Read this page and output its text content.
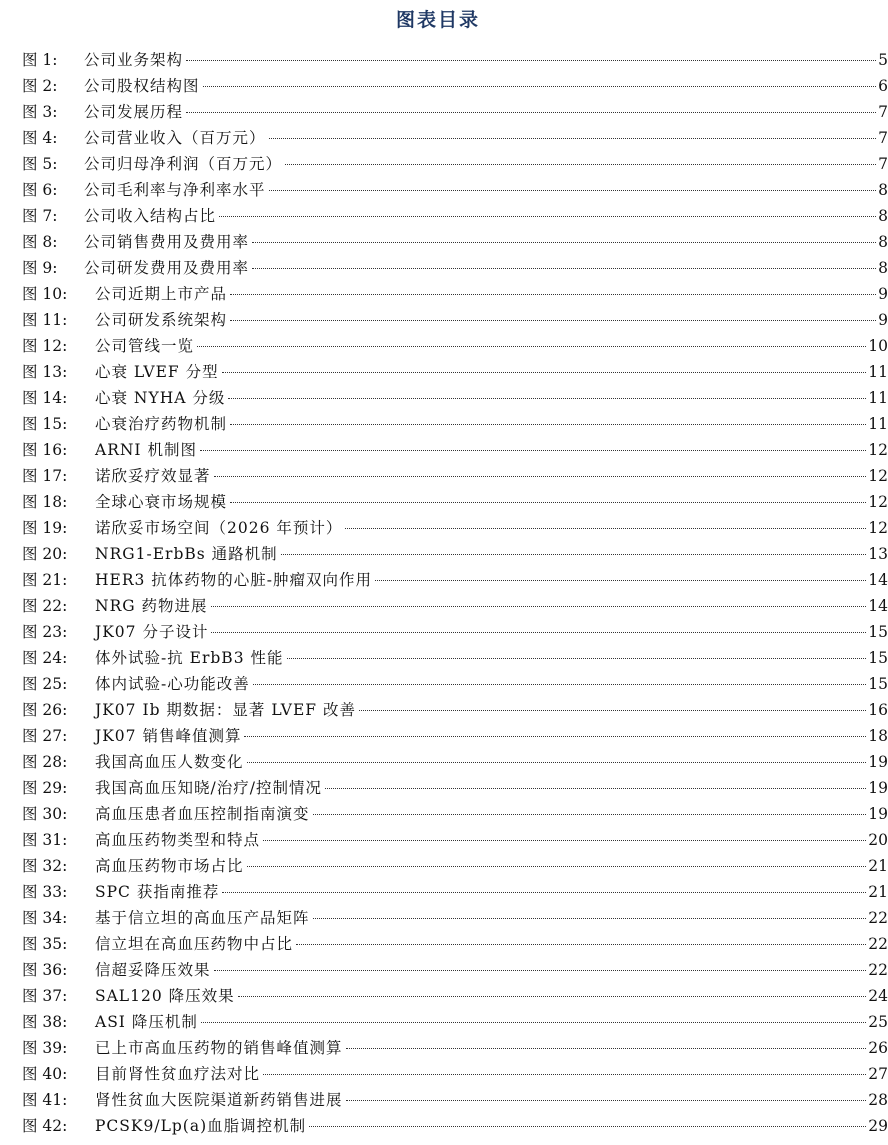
图表目录
图 1:	公司业务架构	5
图 2:	公司股权结构图	6
图 3:	公司发展历程	7
图 4:	公司营业收入（百万元）	7
图 5:	公司归母净利润（百万元）	7
图 6:	公司毛利率与净利率水平	8
图 7:	公司收入结构占比	8
图 8:	公司销售费用及费用率	8
图 9:	公司研发费用及费用率	8
图 10:	公司近期上市产品	9
图 11:	公司研发系统架构	9
图 12:	公司管线一览	10
图 13:	心衰 LVEF 分型	11
图 14:	心衰 NYHA 分级	11
图 15:	心衰治疗药物机制	11
图 16:	ARNI 机制图	12
图 17:	诺欣妥疗效显著	12
图 18:	全球心衰市场规模	12
图 19:	诺欣妥市场空间（2026 年预计）	12
图 20:	NRG1-ErbBs 通路机制	13
图 21:	HER3 抗体药物的心脏-肿瘤双向作用	14
图 22:	NRG 药物进展	14
图 23:	JK07 分子设计	15
图 24:	体外试验-抗 ErbB3 性能	15
图 25:	体内试验-心功能改善	15
图 26:	JK07 Ib 期数据：显著 LVEF 改善	16
图 27:	JK07 销售峰值测算	18
图 28:	我国高血压人数变化	19
图 29:	我国高血压知晓/治疗/控制情况	19
图 30:	高血压患者血压控制指南演变	19
图 31:	高血压药物类型和特点	20
图 32:	高血压药物市场占比	21
图 33:	SPC 获指南推荐	21
图 34:	基于信立坦的高血压产品矩阵	22
图 35:	信立坦在高血压药物中占比	22
图 36:	信超妥降压效果	22
图 37:	SAL120 降压效果	24
图 38:	ASI 降压机制	25
图 39:	已上市高血压药物的销售峰值测算	26
图 40:	目前肾性贫血疗法对比	27
图 41:	肾性贫血大医院渠道新药销售进展	28
图 42:	PCSK9/Lp(a)血脂调控机制	29
